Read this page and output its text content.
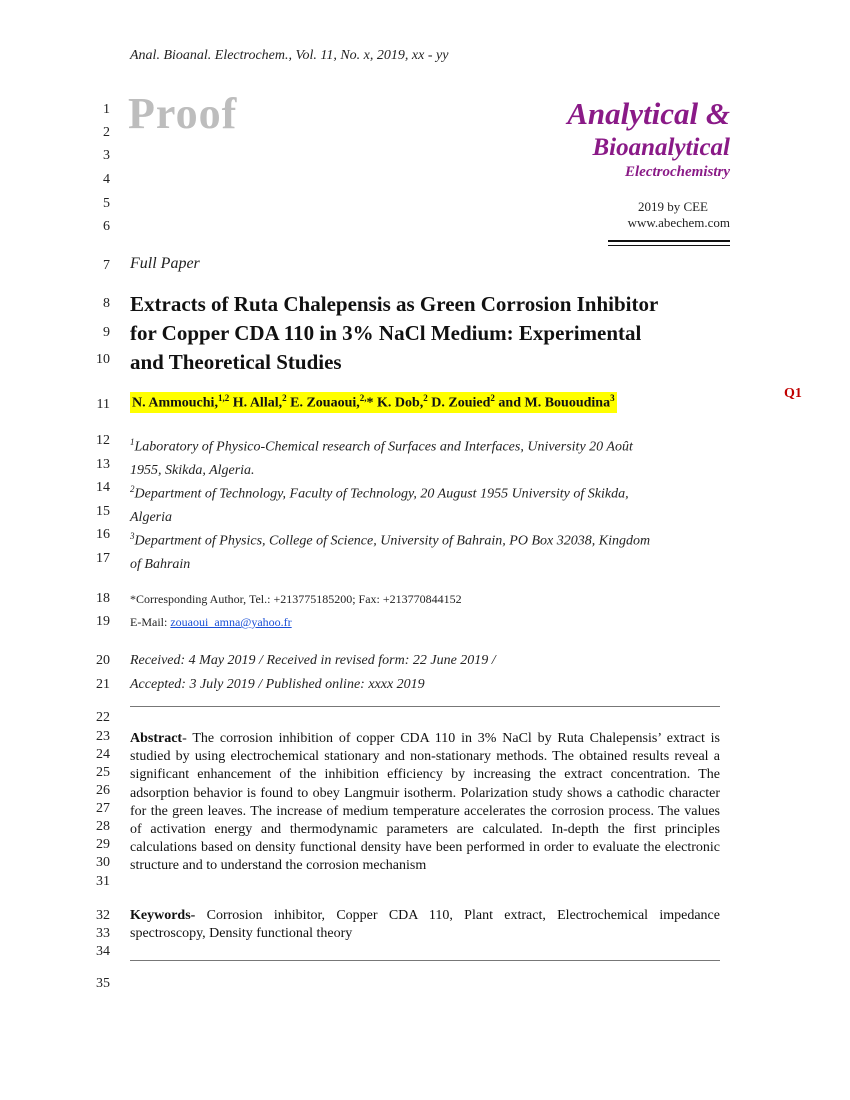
Anal. Bioanal. Electrochem., Vol. 11, No. x, 2019, xx - yy
1
2
3
4
5
6
7
8
9
10
11
12
13
14
15
16
17
18
19
20
21
22
23
24
25
26
27
28
29
30
31
32
33
34
35
Proof	Analytical &
Bioanalytical
Electrochemistry
2019 by CEE
www.abechem.com
Full Paper
Extracts of Ruta Chalepensis as Green Corrosion Inhibitor
for Copper CDA 110 in 3% NaCl Medium: Experimental
and Theoretical Studies
N. Ammouchi,$^{1,2}$ H. Allal,$^2$ E. Zouaoui,$^{2,}$* K. Dob,$^2$ D. Zouied$^2$ and M. Bououdina$^3$	Q1
$^1$Laboratory of Physico-Chemical research of Surfaces and Interfaces, University 20 Août
1955, Skikda, Algeria.
$^2$Department of Technology, Faculty of Technology, 20 August 1955 University of Skikda,
Algeria
$^3$Department of Physics, College of Science, University of Bahrain, PO Box 32038, Kingdom
of Bahrain
*Corresponding Author, Tel.: +213775185200; Fax: +213770844152
E-Mail: zouaoui_amna@yahoo.fr
Received: 4 May 2019 / Received in revised form: 22 June 2019 /
Accepted: 3 July 2019 / Published online: xxxx 2019
Abstract- The corrosion inhibition of copper CDA 110 in 3% NaCl by Ruta Chalepensis’ extract is studied by using electrochemical stationary and non-stationary methods. The obtained results reveal a significant enhancement of the inhibition efficiency by increasing the extract concentration. The adsorption behavior is found to obey Langmuir isotherm. Polarization study shows a cathodic character for the green leaves. The increase of medium temperature accelerates the corrosion process. The values of activation energy and thermodynamic parameters are calculated. In-depth the first principles calculations based on density functional density have been performed in order to evaluate the electronic structure and to understand the corrosion mechanism
Keywords- Corrosion inhibitor, Copper CDA 110, Plant extract, Electrochemical impedance spectroscopy, Density functional theory
